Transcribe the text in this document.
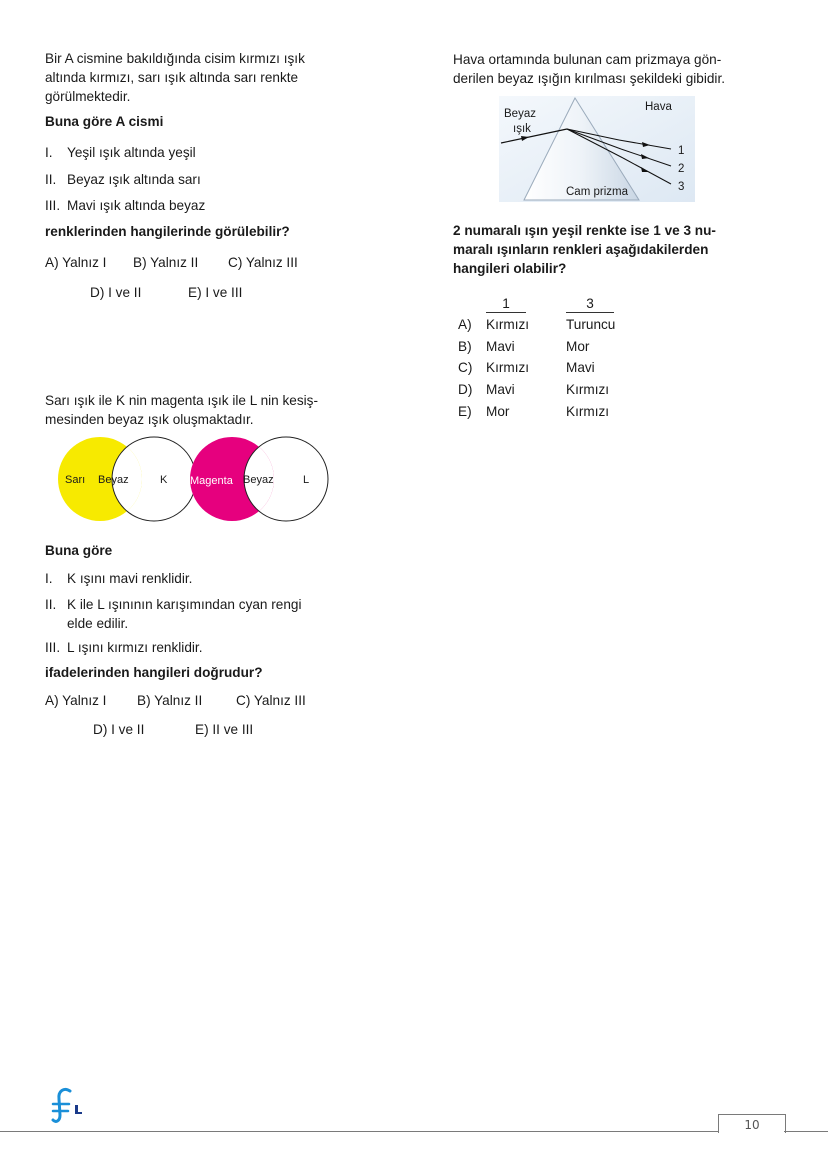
Bir A cismine bakıldığında cisim kırmızı ışık
altında kırmızı, sarı ışık altında sarı renkte
görülmektedir.
Buna göre A cismi
I. Yeşil ışık altında yeşil
II. Beyaz ışık altında sarı
III. Mavi ışık altında beyaz
renklerinden hangilerinde görülebilir?
A) Yalnız I B) Yalnız II C) Yalnız III
D) I ve II	E) I ve III
Sarı ışık ile K nin magenta ışık ile L nin kesiş-
mesinden beyaz ışık oluşmaktadır.
Sarı Beyaz	K Magenta Beyaz	L
Buna göre
I. K ışını mavi renklidir.
II. K ile L ışınının karışımından cyan rengi
elde edilir.
III. L ışını kırmızı renklidir.
ifadelerinden hangileri doğrudur?
A) Yalnız I B) Yalnız II C) Yalnız III
D) I ve II	E) II ve III
Hava ortamında bulunan cam prizmaya gön-
derilen beyaz ışığın kırılması şekildeki gibidir.
Beyaz
ışık
Hava
Cam prizma
1
2
3
2 numaralı ışın yeşil renkte ise 1 ve 3 nu-
maralı ışınların renkleri aşağıdakilerden
hangileri olabilir?
1	3
A) Kırmızı	Turuncu
B) Mavi	Mor
C) Kırmızı	Mavi
D) Mavi	Kırmızı
E) Mor	Kırmızı
10
